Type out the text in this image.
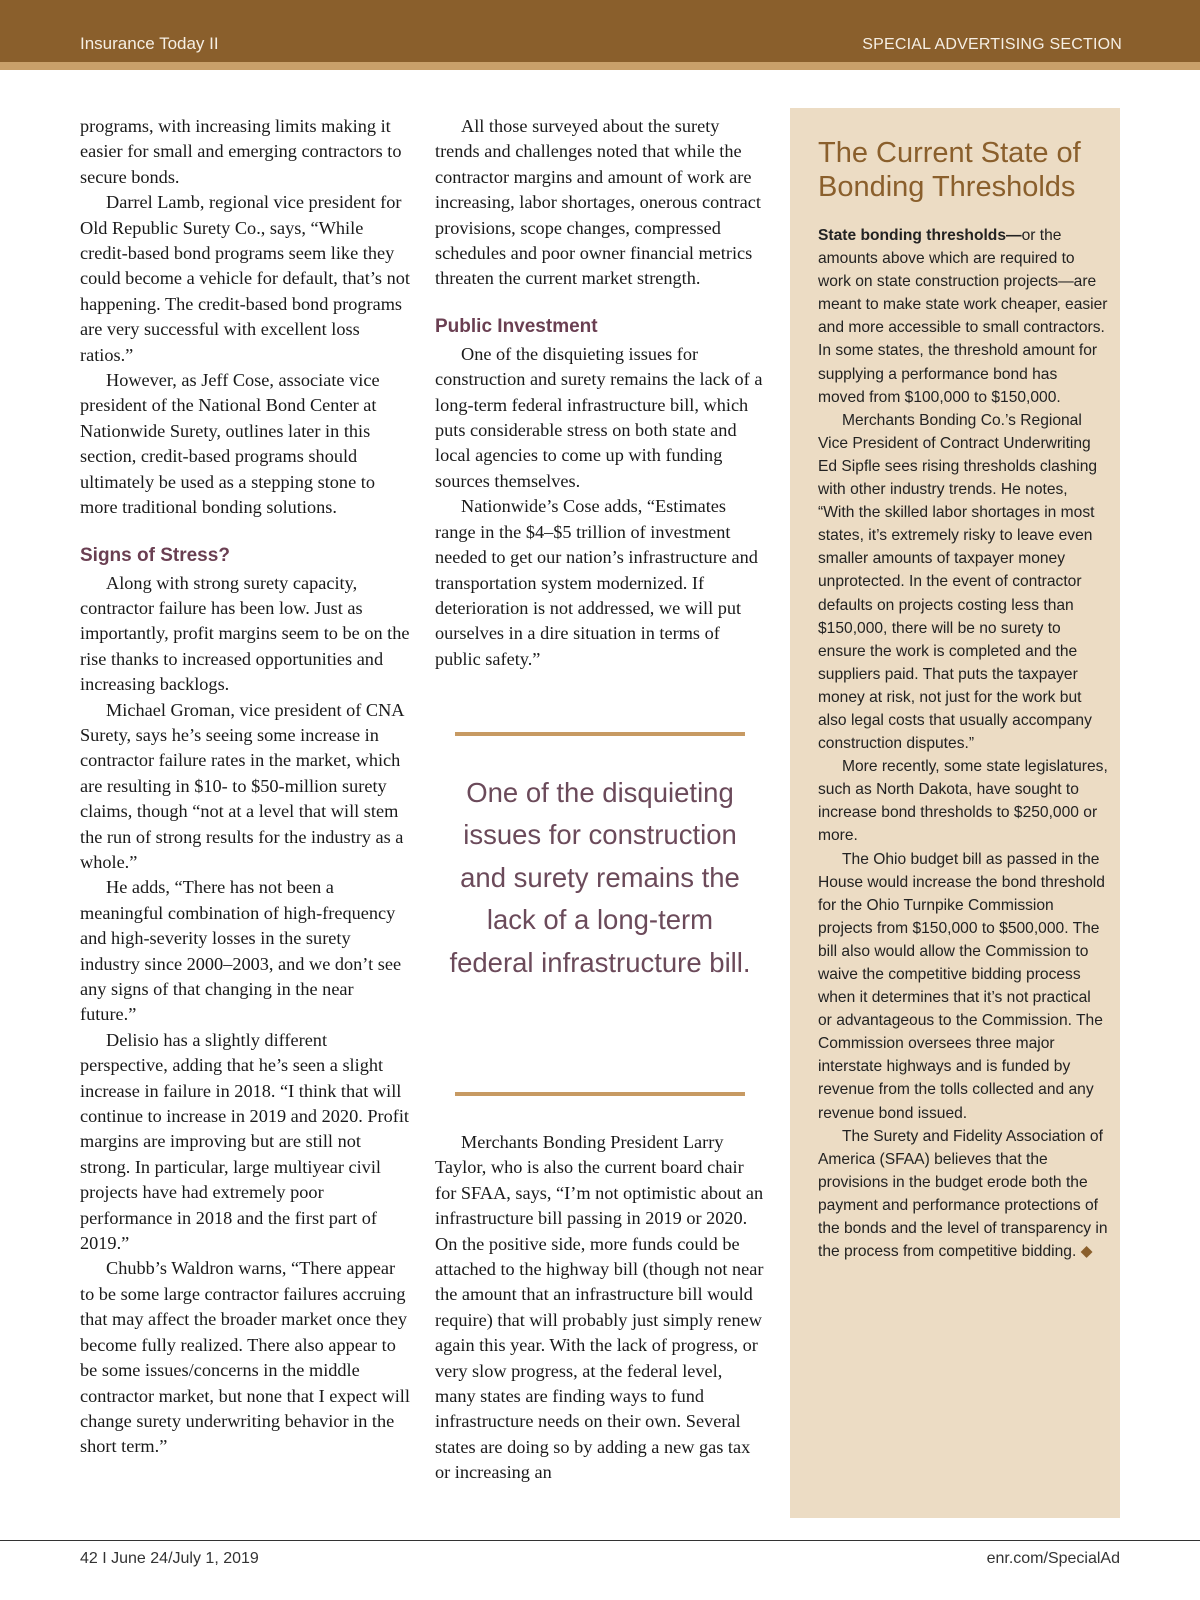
Insurance Today II	SPECIAL ADVERTISING SECTION

programs, with increasing limits making it easier for small and emerging contractors to secure bonds.

Darrel Lamb, regional vice president for Old Republic Surety Co., says, “While credit-based bond programs seem like they could become a vehicle for default, that’s not happening. The credit-based bond programs are very successful with excellent loss ratios.”

However, as Jeff Cose, associate vice president of the National Bond Center at Nationwide Surety, outlines later in this section, credit-based programs should ultimately be used as a stepping stone to more traditional bonding solutions.

Signs of Stress?

Along with strong surety capacity, contractor failure has been low. Just as importantly, profit margins seem to be on the rise thanks to increased opportunities and increasing backlogs.

Michael Groman, vice president of CNA Surety, says he’s seeing some increase in contractor failure rates in the market, which are resulting in $10- to $50-million surety claims, though “not at a level that will stem the run of strong results for the industry as a whole.”

He adds, “There has not been a meaningful combination of high-frequency and high-severity losses in the surety industry since 2000–2003, and we don’t see any signs of that changing in the near future.”

Delisio has a slightly different perspective, adding that he’s seen a slight increase in failure in 2018. “I think that will continue to increase in 2019 and 2020. Profit margins are improving but are still not strong. In particular, large multiyear civil projects have had extremely poor performance in 2018 and the first part of 2019.”

Chubb’s Waldron warns, “There appear to be some large contractor failures accruing that may affect the broader market once they become fully realized. There also appear to be some issues/concerns in the middle contractor market, but none that I expect will change surety underwriting behavior in the short term.”

All those surveyed about the surety trends and challenges noted that while the contractor margins and amount of work are increasing, labor shortages, onerous contract provisions, scope changes, compressed schedules and poor owner financial metrics threaten the current market strength.

Public Investment

One of the disquieting issues for construction and surety remains the lack of a long-term federal infrastructure bill, which puts considerable stress on both state and local agencies to come up with funding sources themselves.

Nationwide’s Cose adds, “Estimates range in the $4–$5 trillion of investment needed to get our nation’s infrastructure and transportation system modernized. If deterioration is not addressed, we will put ourselves in a dire situation in terms of public safety.”

One of the disquieting issues for construction and surety remains the lack of a long-term federal infrastructure bill.

Merchants Bonding President Larry Taylor, who is also the current board chair for SFAA, says, “I’m not optimistic about an infrastructure bill passing in 2019 or 2020. On the positive side, more funds could be attached to the highway bill (though not near the amount that an infrastructure bill would require) that will probably just simply renew again this year. With the lack of progress, or very slow progress, at the federal level, many states are finding ways to fund infrastructure needs on their own. Several states are doing so by adding a new gas tax or increasing an

The Current State of Bonding Thresholds

State bonding thresholds—or the amounts above which are required to work on state construction projects—are meant to make state work cheaper, easier and more accessible to small contractors. In some states, the threshold amount for supplying a performance bond has moved from $100,000 to $150,000.

Merchants Bonding Co.’s Regional Vice President of Contract Underwriting Ed Sipfle sees rising thresholds clashing with other industry trends. He notes, “With the skilled labor shortages in most states, it’s extremely risky to leave even smaller amounts of taxpayer money unprotected. In the event of contractor defaults on projects costing less than $150,000, there will be no surety to ensure the work is completed and the suppliers paid. That puts the taxpayer money at risk, not just for the work but also legal costs that usually accompany construction disputes.”

More recently, some state legislatures, such as North Dakota, have sought to increase bond thresholds to $250,000 or more.

The Ohio budget bill as passed in the House would increase the bond threshold for the Ohio Turnpike Commission projects from $150,000 to $500,000. The bill also would allow the Commission to waive the competitive bidding process when it determines that it’s not practical or advantageous to the Commission. The Commission oversees three major interstate highways and is funded by revenue from the tolls collected and any revenue bond issued.

The Surety and Fidelity Association of America (SFAA) believes that the provisions in the budget erode both the payment and performance protections of the bonds and the level of transparency in the process from competitive bidding. ◆

42 I June 24/July 1, 2019	enr.com/SpecialAd
